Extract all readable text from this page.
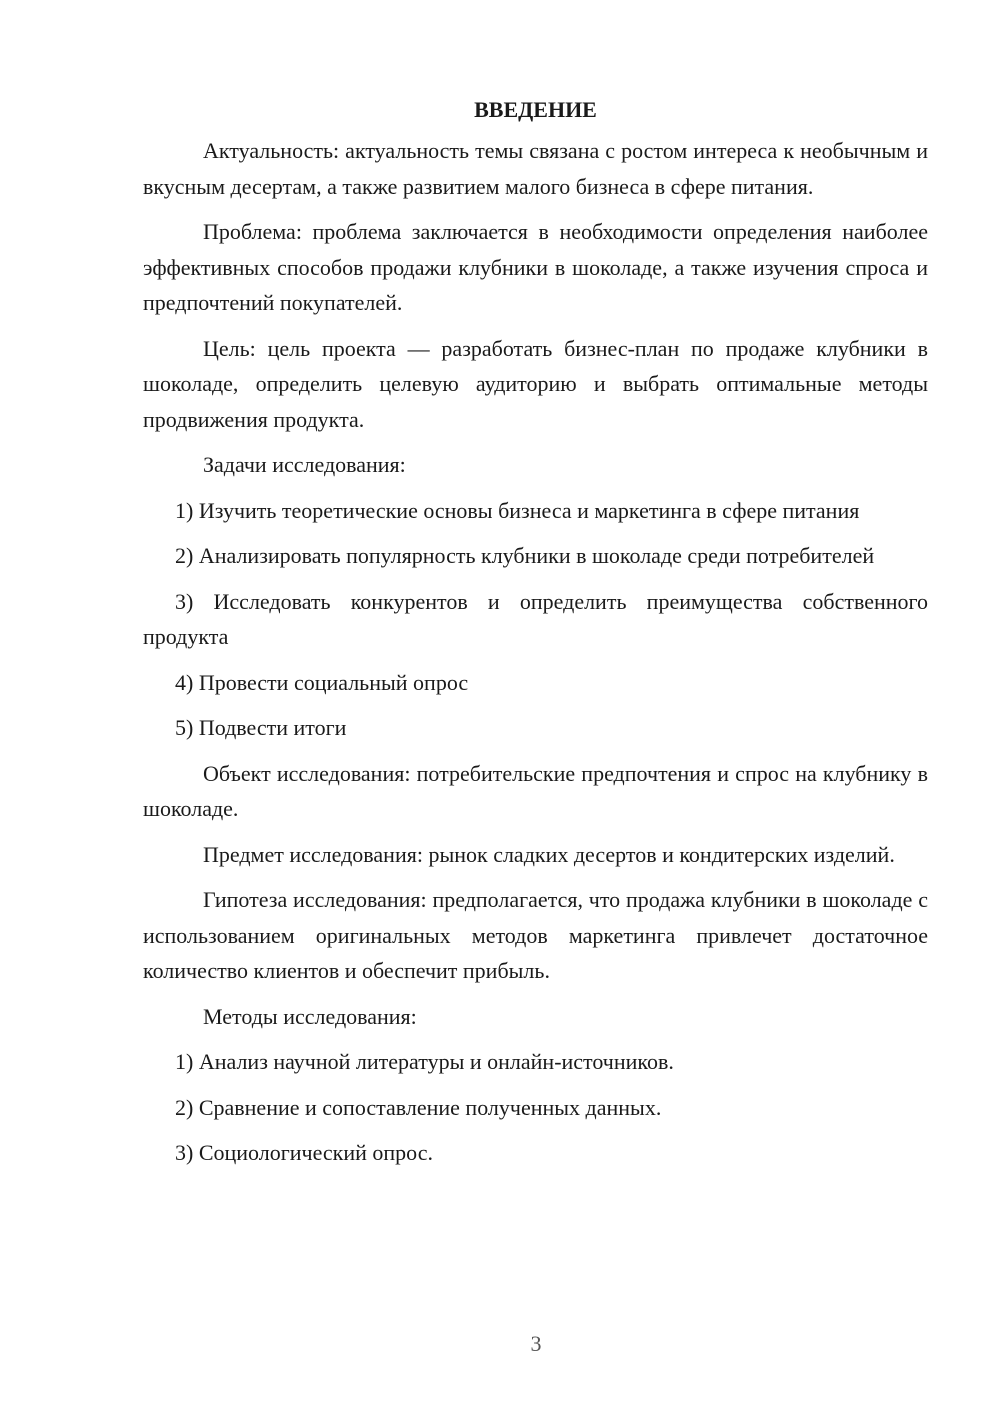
ВВЕДЕНИЕ

Актуальность: актуальность темы связана с ростом интереса к необычным и вкусным десертам, а также развитием малого бизнеса в сфере питания.

Проблема: проблема заключается в необходимости определения наиболее эффективных способов продажи клубники в шоколаде, а также изучения спроса и предпочтений покупателей.

Цель: цель проекта — разработать бизнес-план по продаже клубники в шоколаде, определить целевую аудиторию и выбрать оптимальные методы продвижения продукта.

Задачи исследования:

1) Изучить теоретические основы бизнеса и маркетинга в сфере питания

2) Анализировать популярность клубники в шоколаде среди потребителей

3) Исследовать конкурентов и определить преимущества собственного продукта

4) Провести социальный опрос

5) Подвести итоги

Объект исследования: потребительские предпочтения и спрос на клубнику в шоколаде.

Предмет исследования: рынок сладких десертов и кондитерских изделий.

Гипотеза исследования: предполагается, что продажа клубники в шоколаде с использованием оригинальных методов маркетинга привлечет достаточное количество клиентов и обеспечит прибыль.

Методы исследования:

1) Анализ научной литературы и онлайн-источников.

2) Сравнение и сопоставление полученных данных.

3) Социологический опрос.

3
